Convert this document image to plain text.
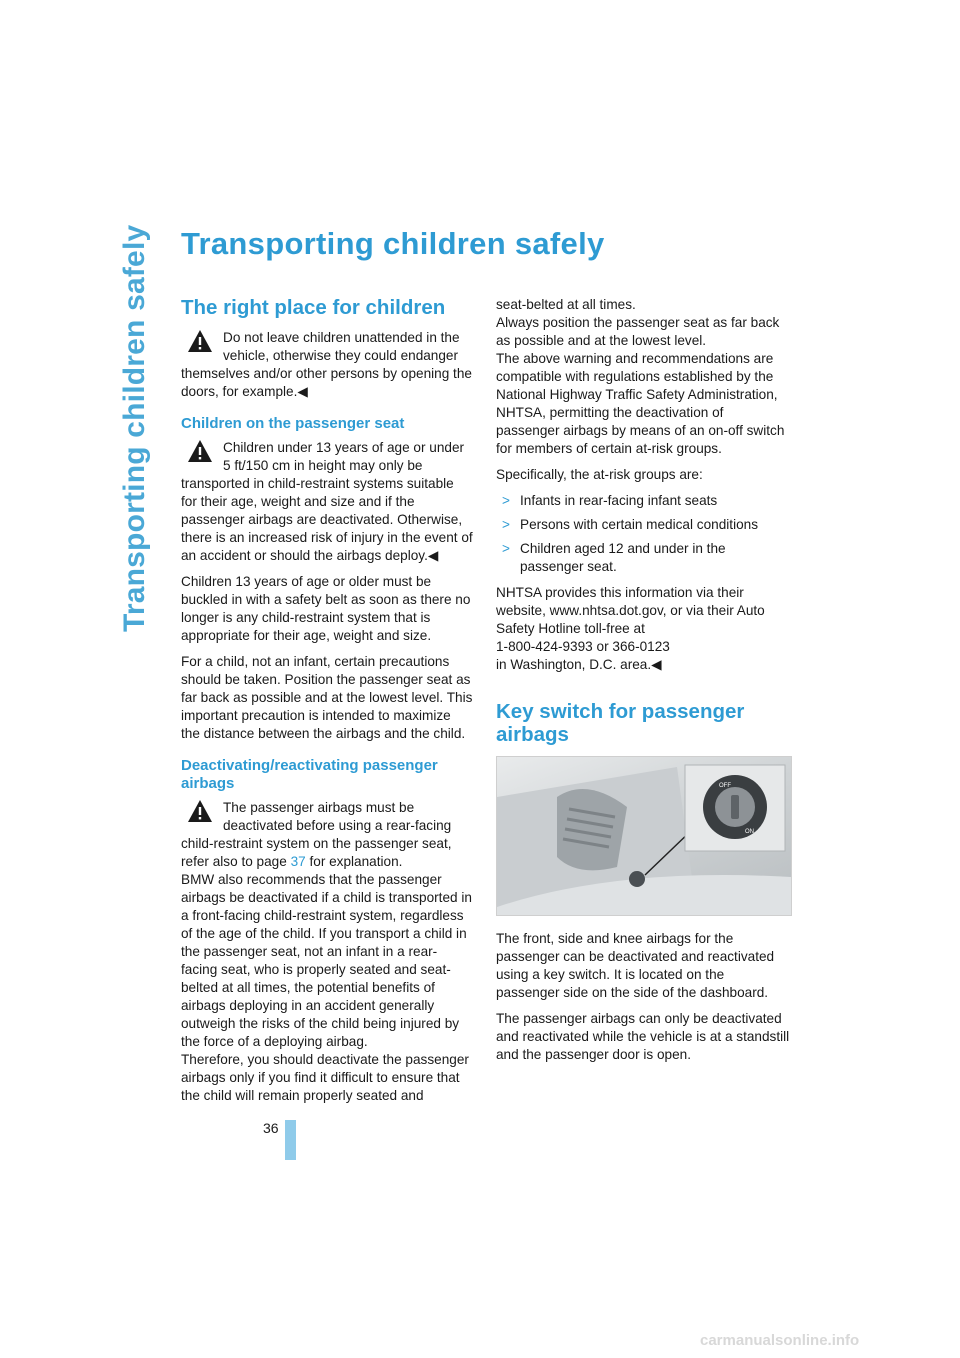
Transporting children safely Transporting children safely
The right place for children
Do not leave children unattended in the vehicle, otherwise they could endanger themselves and/or other persons by opening the doors, for example.◀
Children on the passenger seat
Children under 13 years of age or under 5 ft/150 cm in height may only be transported in child-restraint systems suitable for their age, weight and size and if the passenger airbags are deactivated. Otherwise, there is an increased risk of injury in the event of an accident or should the airbags deploy.◀

Children 13 years of age or older must be buckled in with a safety belt as soon as there no longer is any child-restraint system that is appropriate for their age, weight and size.

For a child, not an infant, certain precautions should be taken. Position the passenger seat as far back as possible and at the lowest level. This important precaution is intended to maximize the distance between the airbags and the child.

Deactivating/reactivating passenger airbags
The passenger airbags must be deactivated before using a rear-facing child-restraint system on the passenger seat, refer also to page 37 for explanation.

BMW also recommends that the passenger airbags be deactivated if a child is transported in a front-facing child-restraint system, regardless of the age of the child. If you transport a child in the passenger seat, not an infant in a rear-facing seat, who is properly seated and seat-belted at all times, the potential benefits of airbags deploying in an accident generally outweigh the risks of the child being injured by the force of a deploying airbag.

Therefore, you should deactivate the passenger airbags only if you find it difficult to ensure that the child will remain properly seated and

seat-belted at all times.

Always position the passenger seat as far back as possible and at the lowest level.

The above warning and recommendations are compatible with regulations established by the National Highway Traffic Safety Administration, NHTSA, permitting the deactivation of passenger airbags by means of an on-off switch for members of certain at-risk groups.

Specifically, the at-risk groups are:

> Infants in rear-facing infant seats
> Persons with certain medical conditions
> Children aged 12 and under in the passenger seat.

NHTSA provides this information via their website, www.nhtsa.dot.gov, or via their Auto Safety Hotline toll-free at

1-800-424-9393 or 366-0123

in Washington, D.C. area.◀

Key switch for passenger airbags
OFF
ON

The front, side and knee airbags for the passenger can be deactivated and reactivated using a key switch. It is located on the passenger side on the side of the dashboard.

The passenger airbags can only be deactivated and reactivated while the vehicle is at a standstill and the passenger door is open.

36
carmanualsonline.info
